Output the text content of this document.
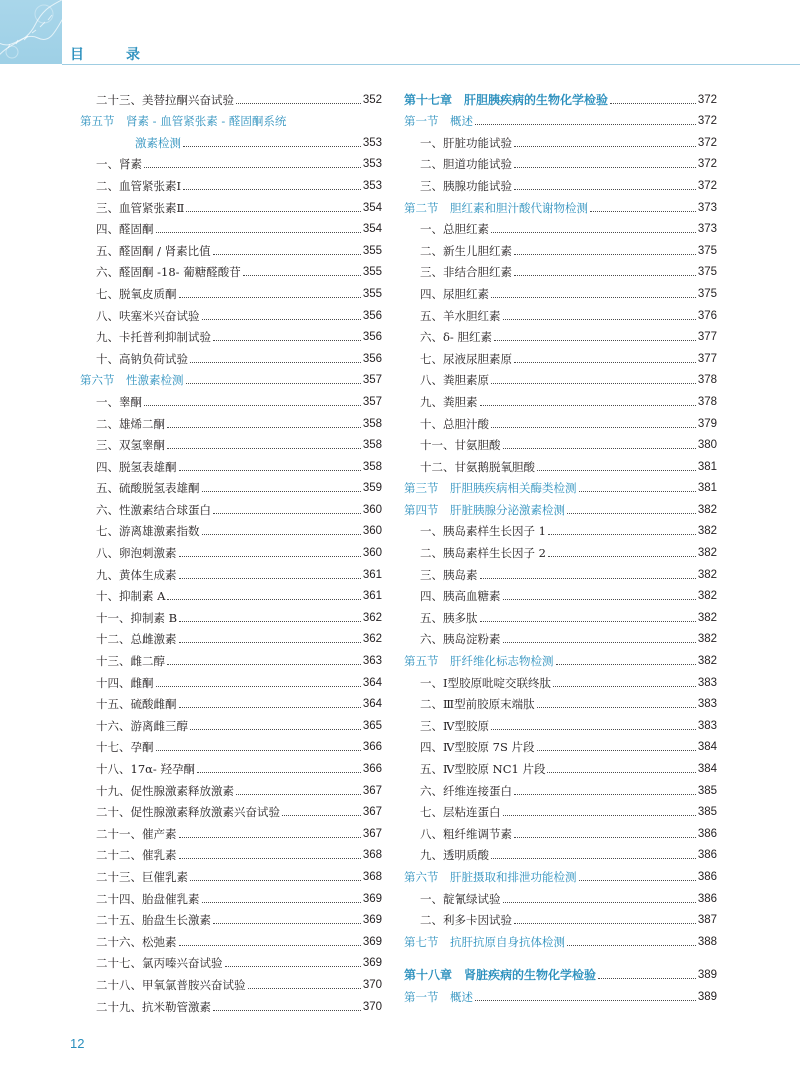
目　录
二十三、美替拉酮兴奋试验	352
第五节　肾素 - 血管紧张素 - 醛固酮系统
激素检测	353
一、肾素	353
二、血管紧张素Ⅰ	353
三、血管紧张素Ⅱ	354
四、醛固酮	354
五、醛固酮 / 肾素比值	355
六、醛固酮 -18- 葡糖醛酸苷	355
七、脱氧皮质酮	355
八、呋塞米兴奋试验	356
九、卡托普利抑制试验	356
十、高钠负荷试验	356
第六节　性激素检测	357
一、睾酮	357
二、雄烯二酮	358
三、双氢睾酮	358
四、脱氢表雄酮	358
五、硫酸脱氢表雄酮	359
六、性激素结合球蛋白	360
七、游离雄激素指数	360
八、卵泡刺激素	360
九、黄体生成素	361
十、抑制素 A	361
十一、抑制素 B	362
十二、总雌激素	362
十三、雌二醇	363
十四、雌酮	364
十五、硫酸雌酮	364
十六、游离雌三醇	365
十七、孕酮	366
十八、17α- 羟孕酮	366
十九、促性腺激素释放激素	367
二十、促性腺激素释放激素兴奋试验	367
二十一、催产素	367
二十二、催乳素	368
二十三、巨催乳素	368
二十四、胎盘催乳素	369
二十五、胎盘生长激素	369
二十六、松弛素	369
二十七、氯丙嗪兴奋试验	369
二十八、甲氧氯普胺兴奋试验	370
二十九、抗米勒管激素	370
第十七章　肝胆胰疾病的生物化学检验	372
第一节　概述	372
一、肝脏功能试验	372
二、胆道功能试验	372
三、胰腺功能试验	372
第二节　胆红素和胆汁酸代谢物检测	373
一、总胆红素	373
二、新生儿胆红素	375
三、非结合胆红素	375
四、尿胆红素	375
五、羊水胆红素	376
六、δ- 胆红素	377
七、尿液尿胆素原	377
八、粪胆素原	378
九、粪胆素	378
十、总胆汁酸	379
十一、甘氨胆酸	380
十二、甘氨鹅脱氧胆酸	381
第三节　肝胆胰疾病相关酶类检测	381
第四节　肝脏胰腺分泌激素检测	382
一、胰岛素样生长因子 1	382
二、胰岛素样生长因子 2	382
三、胰岛素	382
四、胰高血糖素	382
五、胰多肽	382
六、胰岛淀粉素	382
第五节　肝纤维化标志物检测	382
一、Ⅰ型胶原吡啶交联终肽	383
二、Ⅲ型前胶原末端肽	383
三、Ⅳ型胶原	383
四、Ⅳ型胶原 7S 片段	384
五、Ⅳ型胶原 NC1 片段	384
六、纤维连接蛋白	385
七、层粘连蛋白	385
八、粗纤维调节素	386
九、透明质酸	386
第六节　肝脏摄取和排泄功能检测	386
一、靛氰绿试验	386
二、利多卡因试验	387
第七节　抗肝抗原自身抗体检测	388
第十八章　肾脏疾病的生物化学检验	389
第一节　概述	389
12
